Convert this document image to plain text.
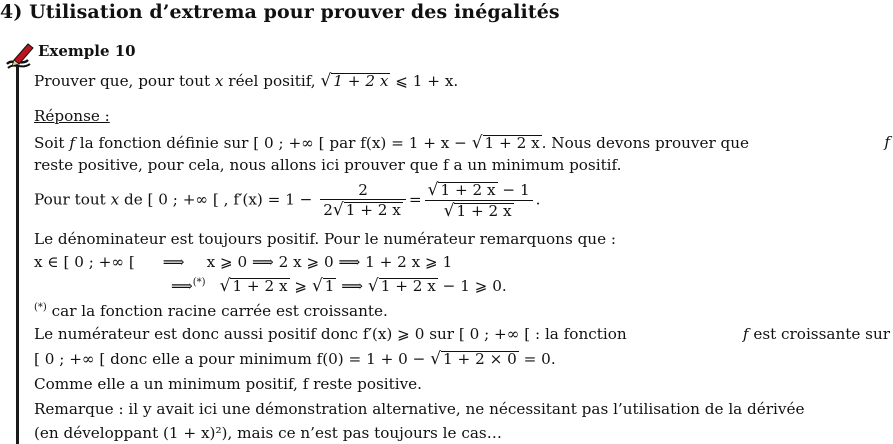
4) Utilisation d’extrema pour prouver des inégalités
Exemple 10
Prouver que, pour tout x réel positif, √ 1 + 2 x ⩽ 1 + x.
Réponse :
Soit f la fonction définie sur [ 0 ; +∞ [ par f(x) = 1 + x − √ 1 + 2 x . Nous devons prouver que	f
reste positive, pour cela, nous allons ici prouver que f a un minimum positif.
Pour tout x de [ 0 ; +∞ [ , $f'(x) = 1 - \frac{2}{2√ 1 + 2 x} = \frac{√ 1 + 2 x - 1}{√ 1 + 2 x}$ .
Le dénominateur est toujours positif. Pour le numérateur remarquons que :
x ∈ [ 0 ; +∞ [ ⟹ x ⩾ 0 ⟹ 2 x ⩾ 0 ⟹ 1 + 2 x ⩾ 1
⟹(*) √ 1 + 2 x ⩾ √ 1 ⟹ √ 1 + 2 x − 1 ⩾ 0.
(*) car la fonction racine carrée est croissante.
Le numérateur est donc aussi positif donc f′(x) ⩾ 0 sur [ 0 ; +∞ [ : la fonction	f est croissante sur
[ 0 ; +∞ [ donc elle a pour minimum f(0) = 1 + 0 − √ 1 + 2 × 0 = 0.
Comme elle a un minimum positif, f reste positive.
Remarque : il y avait ici une démonstration alternative, ne nécessitant pas l’utilisation de la dérivée
(en développant (1 + x)²), mais ce n’est pas toujours le cas…
